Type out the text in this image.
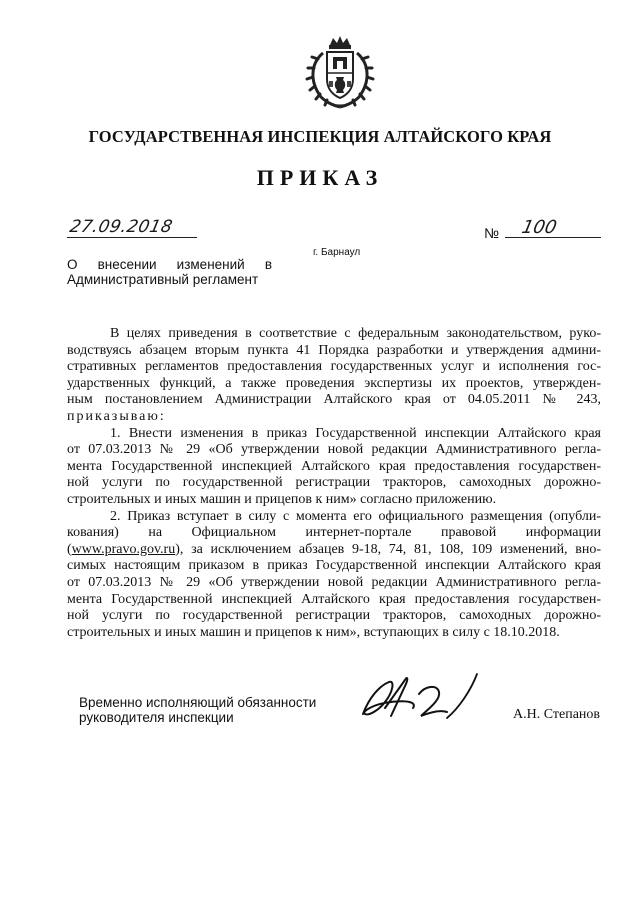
ГОСУДАРСТВЕННАЯ ИНСПЕКЦИЯ АЛТАЙСКОГО КРАЯ
ПРИКАЗ
27.09.2018	№ 100
г. Барнаул
О внесении изменений в
Административный регламент
В целях приведения в соответствие с федеральным законодательством, руко-
водствуясь абзацем вторым пункта 41 Порядка разработки и утверждения админи-
стративных регламентов предоставления государственных услуг и исполнения гос-
ударственных функций, а также проведения экспертизы их проектов, утвержден-
ным постановлением Администрации Алтайского края от 04.05.2011 № 243,
приказываю:
1. Внести изменения в приказ Государственной инспекции Алтайского края
от 07.03.2013 № 29 «Об утверждении новой редакции Административного регла-
мента Государственной инспекцией Алтайского края предоставления государствен-
ной услуги по государственной регистрации тракторов, самоходных дорожно-
строительных и иных машин и прицепов к ним» согласно приложению.
2. Приказ вступает в силу с момента его официального размещения (опубли-
кования) на Официальном интернет-портале правовой информации
(www.pravo.gov.ru), за исключением абзацев 9-18, 74, 81, 108, 109 изменений, вно-
симых настоящим приказом в приказ Государственной инспекции Алтайского края
от 07.03.2013 № 29 «Об утверждении новой редакции Административного регла-
мента Государственной инспекцией Алтайского края предоставления государствен-
ной услуги по государственной регистрации тракторов, самоходных дорожно-
строительных и иных машин и прицепов к ним», вступающих в силу с 18.10.2018.
Временно исполняющий обязанности
руководителя инспекции	А.Н. Степанов
